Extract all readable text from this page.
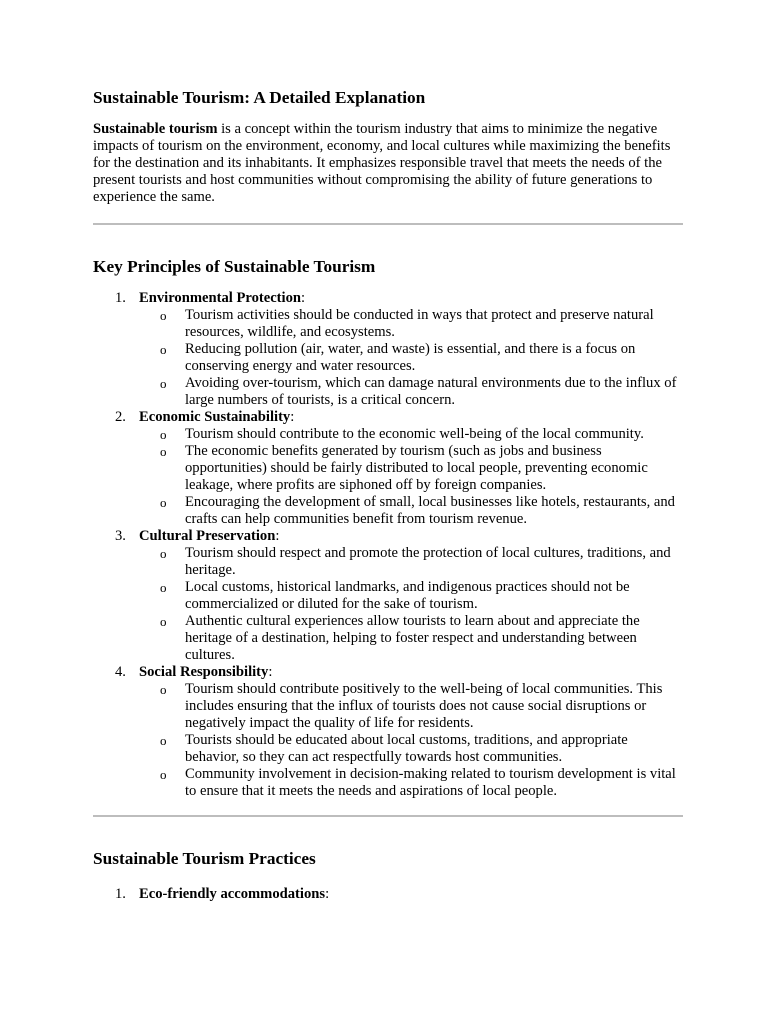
Sustainable Tourism: A Detailed Explanation

Sustainable tourism is a concept within the tourism industry that aims to minimize the negative impacts of tourism on the environment, economy, and local cultures while maximizing the benefits for the destination and its inhabitants. It emphasizes responsible travel that meets the needs of the present tourists and host communities without compromising the ability of future generations to experience the same.

Key Principles of Sustainable Tourism
1. Environmental Protection:
o Tourism activities should be conducted in ways that protect and preserve natural resources, wildlife, and ecosystems.
o Reducing pollution (air, water, and waste) is essential, and there is a focus on conserving energy and water resources.
o Avoiding over-tourism, which can damage natural environments due to the influx of large numbers of tourists, is a critical concern.
2. Economic Sustainability:
o Tourism should contribute to the economic well-being of the local community.
o The economic benefits generated by tourism (such as jobs and business opportunities) should be fairly distributed to local people, preventing economic leakage, where profits are siphoned off by foreign companies.
o Encouraging the development of small, local businesses like hotels, restaurants, and crafts can help communities benefit from tourism revenue.
3. Cultural Preservation:
o Tourism should respect and promote the protection of local cultures, traditions, and heritage.
o Local customs, historical landmarks, and indigenous practices should not be commercialized or diluted for the sake of tourism.
o Authentic cultural experiences allow tourists to learn about and appreciate the heritage of a destination, helping to foster respect and understanding between cultures.
4. Social Responsibility:
o Tourism should contribute positively to the well-being of local communities. This includes ensuring that the influx of tourists does not cause social disruptions or negatively impact the quality of life for residents.
o Tourists should be educated about local customs, traditions, and appropriate behavior, so they can act respectfully towards host communities.
o Community involvement in decision-making related to tourism development is vital to ensure that it meets the needs and aspirations of local people.
Sustainable Tourism Practices
1. Eco-friendly accommodations:
